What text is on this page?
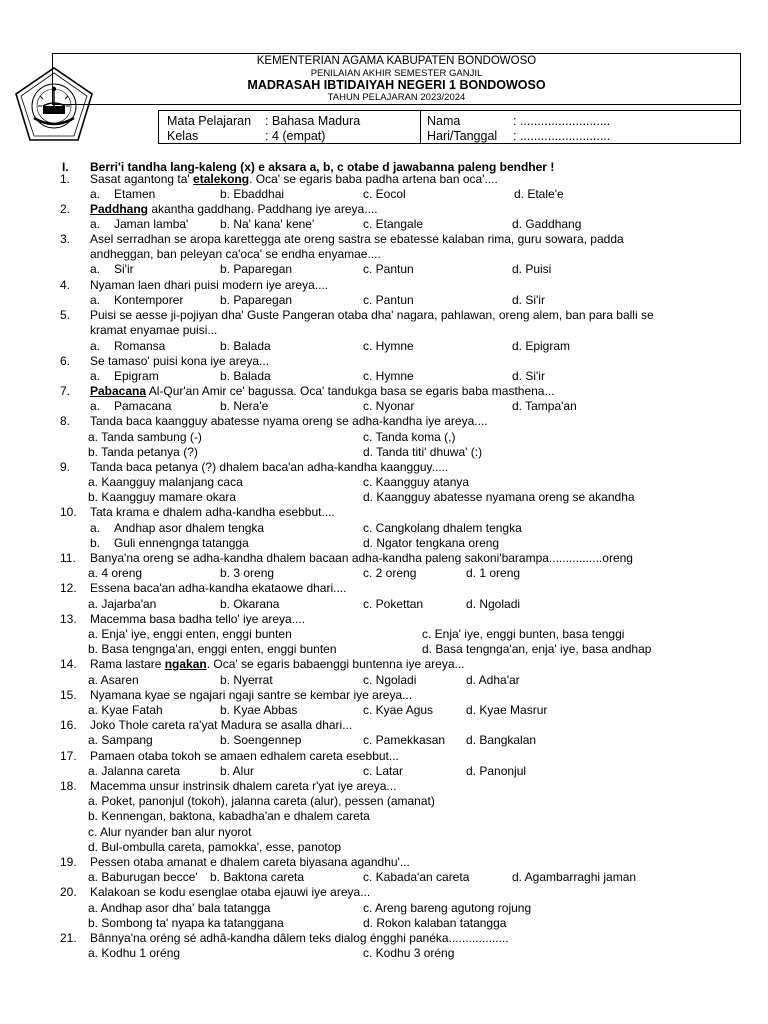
KEMENTERIAN AGAMA KABUPATEN BONDOWOSO
PENILAIAN AKHIR SEMESTER GANJIL
MADRASAH IBTIDAIYAH NEGERI 1 BONDOWOSO
TAHUN PELAJARAN 2023/2024
Mata Pelajaran : Bahasa Madura
Kelas	: 4 (empat)
Nama	: ..........................
Hari/Tanggal : ..........................
I. Berri'i tandha lang-kaleng (x) e aksara a, b, c otabe d jawabanna paleng bendher !
1. Sasat agantong ta' etalekong. Oca' se egaris baba padha artena ban oca'....
a. Etamen	b. Ebaddhai	c. Eocol	d. Etale'e
2. Paddhang akantha gaddhang. Paddhang iye areya....
a. Jaman lamba'	b. Na' kana' kene'	c. Etangale	d. Gaddhang
3. Asel serradhan se aropa karettegga ate oreng sastra se ebatesse kalaban rima, guru sowara, padda
andheggan, ban peleyan ca'oca' se endha enyamae....
a. Si'ir	b. Paparegan	c. Pantun	d. Puisi
4. Nyaman laen dhari puisi modern iye areya....
a. Kontemporer	b. Paparegan	c. Pantun	d. Si'ir
5. Puisi se aesse ji-pojiyan dha' Guste Pangeran otaba dha' nagara, pahlawan, oreng alem, ban para balli se
kramat enyamae puisi...
a. Romansa	b. Balada	c. Hymne	d. Epigram
6. Se tamaso' puisi kona iye areya...
a. Epigram	b. Balada	c. Hymne	d. Si'ir
7. Pabacana Al-Qur'an Amir ce' bagussa. Oca' tandukga basa se egaris baba masthena...
a. Pamacana	b. Nera'e	c. Nyonar	d. Tampa'an
8. Tanda baca kaangguy abatesse nyama oreng se adha-kandha iye areya....
a. Tanda sambung (-)	c. Tanda koma (,)
b. Tanda petanya (?)	d. Tanda titi' dhuwa' (:)
9. Tanda baca petanya (?) dhalem baca'an adha-kandha kaangguy.....
a. Kaangguy malanjang caca	c. Kaangguy atanya
b. Kaangguy mamare okara	d. Kaangguy abatesse nyamana oreng se akandha
10. Tata krama e dhalem adha-kandha esebbut....
a. Andhap asor dhalem tengka	c. Cangkolang dhalem tengka
b. Guli ennengnga tatangga	d. Ngator tengkana oreng
11. Banya'na oreng se adha-kandha dhalem bacaan adha-kandha paleng sakoni'barampa................oreng
a. 4 oreng	b. 3 oreng	c. 2 oreng	d. 1 oreng
12. Essena baca'an adha-kandha ekataowe dhari....
a. Jajarba'an	b. Okarana	c. Pokettan	d. Ngoladi
13. Macemma basa badha tello' iye areya....
a. Enja' iye, enggi enten, enggi bunten	c. Enja' iye, enggi bunten, basa tenggi
b. Basa tengnga'an, enggi enten, enggi bunten	d. Basa tengnga'an, enja' iye, basa andhap
14. Rama lastare ngakan. Oca' se egaris babaenggi buntenna iye areya...
a. Asaren	b. Nyerrat	c. Ngoladi	d. Adha'ar
15. Nyamana kyae se ngajari ngaji santre se kembar iye areya...
a. Kyae Fatah	b. Kyae Abbas	c. Kyae Agus	d. Kyae Masrur
16. Joko Thole careta ra'yat Madura se asalla dhari...
a. Sampang	b. Soengennep	c. Pamekkasan d. Bangkalan
17. Pamaen otaba tokoh se amaen edhalem careta esebbut...
a. Jalanna careta	b. Alur	c. Latar	d. Panonjul
18. Macemma unsur instrinsik dhalem careta r'yat iye areya...
a. Poket, panonjul (tokoh), jalanna careta (alur), pessen (amanat)
b. Kennengan, baktona, kabadha'an e dhalem careta
c. Alur nyander ban alur nyorot
d. Bul-ombulla careta, pamokka', esse, panotop
19. Pessen otaba amanat e dhalem careta biyasana agandhu'...
a. Baburugan becce' b. Baktona careta	c. Kabada'an careta	d. Agambarraghi jaman
20. Kalakoan se kodu esenglae otaba ejauwi iye areya...
a. Andhap asor dha' bala tatangga	c. Areng bareng agutong rojung
b. Sombong ta' nyapa ka tatanggana	d. Rokon kalaban tatangga
21. Bânnya'na oréng sé adhâ-kandha dâlem teks dialog éngghi panéka..................
a. Kodhu 1 oréng	c. Kodhu 3 oréng
